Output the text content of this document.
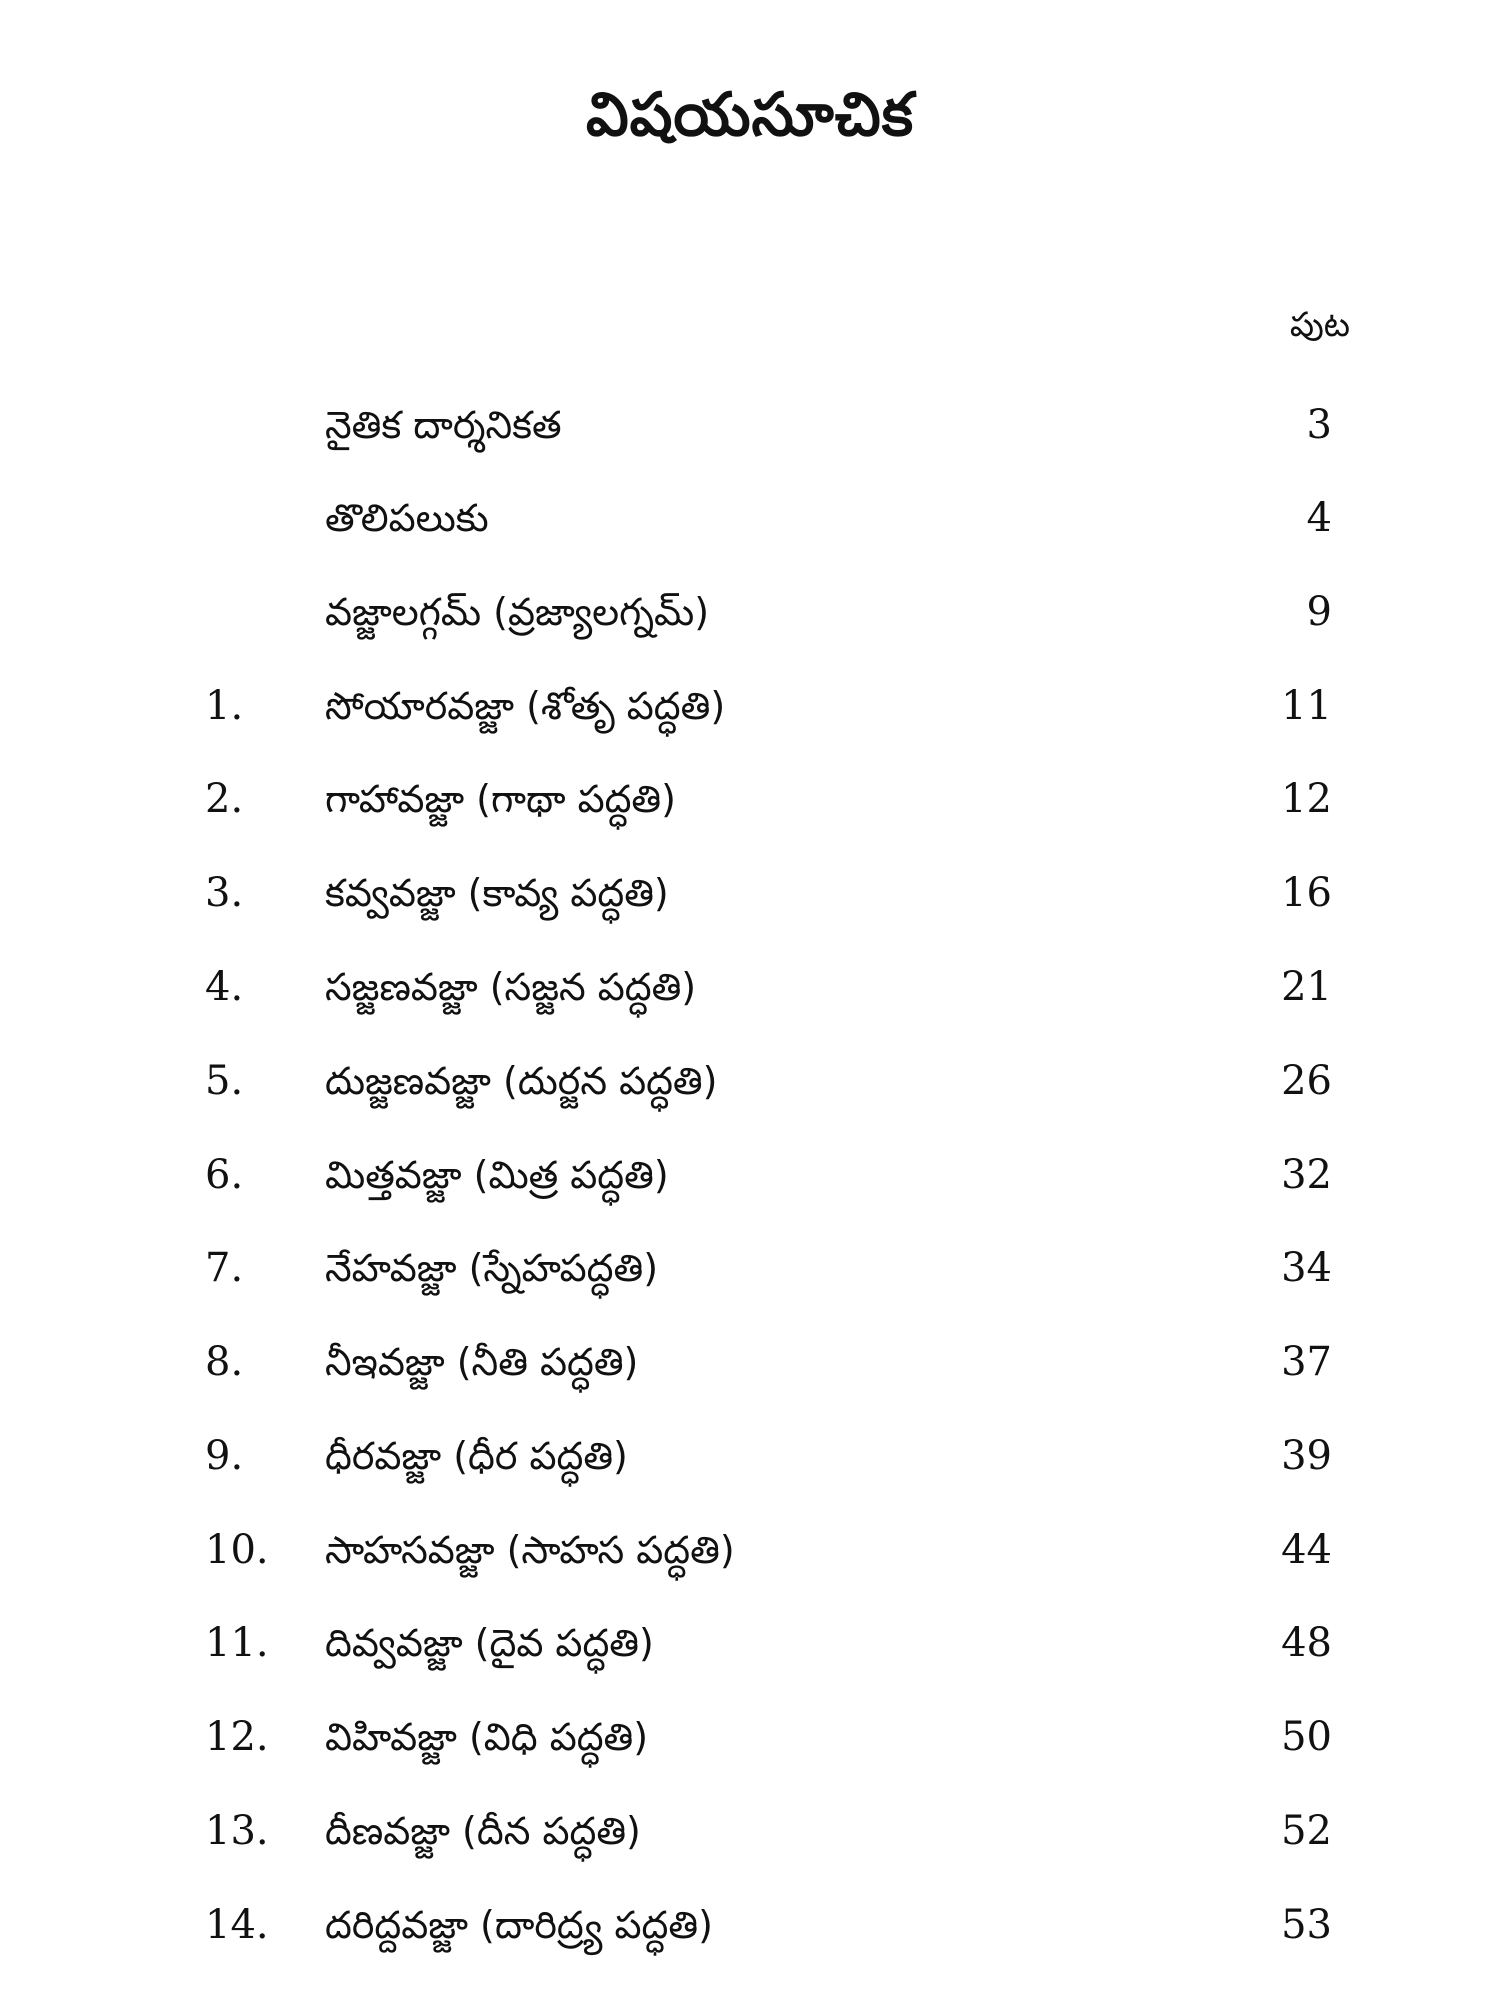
విషయసూచిక
పుట
నైతిక దార్శనికత	3
తొలిపలుకు	4
వజ్జాలగ్గమ్ (వ్రజ్యాలగ్నమ్)	9
1. సోయారవజ్జా (శోతృ పద్ధతి)	11
2. గాహావజ్జా (గాథా పద్ధతి)	12
3. కవ్వవజ్జా (కావ్య పద్ధతి)	16
4. సజ్జణవజ్జా (సజ్జన పద్ధతి)	21
5. దుజ్జణవజ్జా (దుర్జన పద్ధతి)	26
6. మిత్తవజ్జా (మిత్ర పద్ధతి)	32
7. నేహవజ్జా (స్నేహపద్ధతి)	34
8. నీఇవజ్జా (నీతి పద్ధతి)	37
9. ధీరవజ్జా (ధీర పద్ధతి)	39
10. సాహసవజ్జా (సాహస పద్ధతి)	44
11. దివ్వవజ్జా (దైవ పద్ధతి)	48
12. విహివజ్జా (విధి పద్ధతి)	50
13. దీణవజ్జా (దీన పద్ధతి)	52
14. దరిద్దవజ్జా (దారిద్ర్య పద్ధతి)	53
